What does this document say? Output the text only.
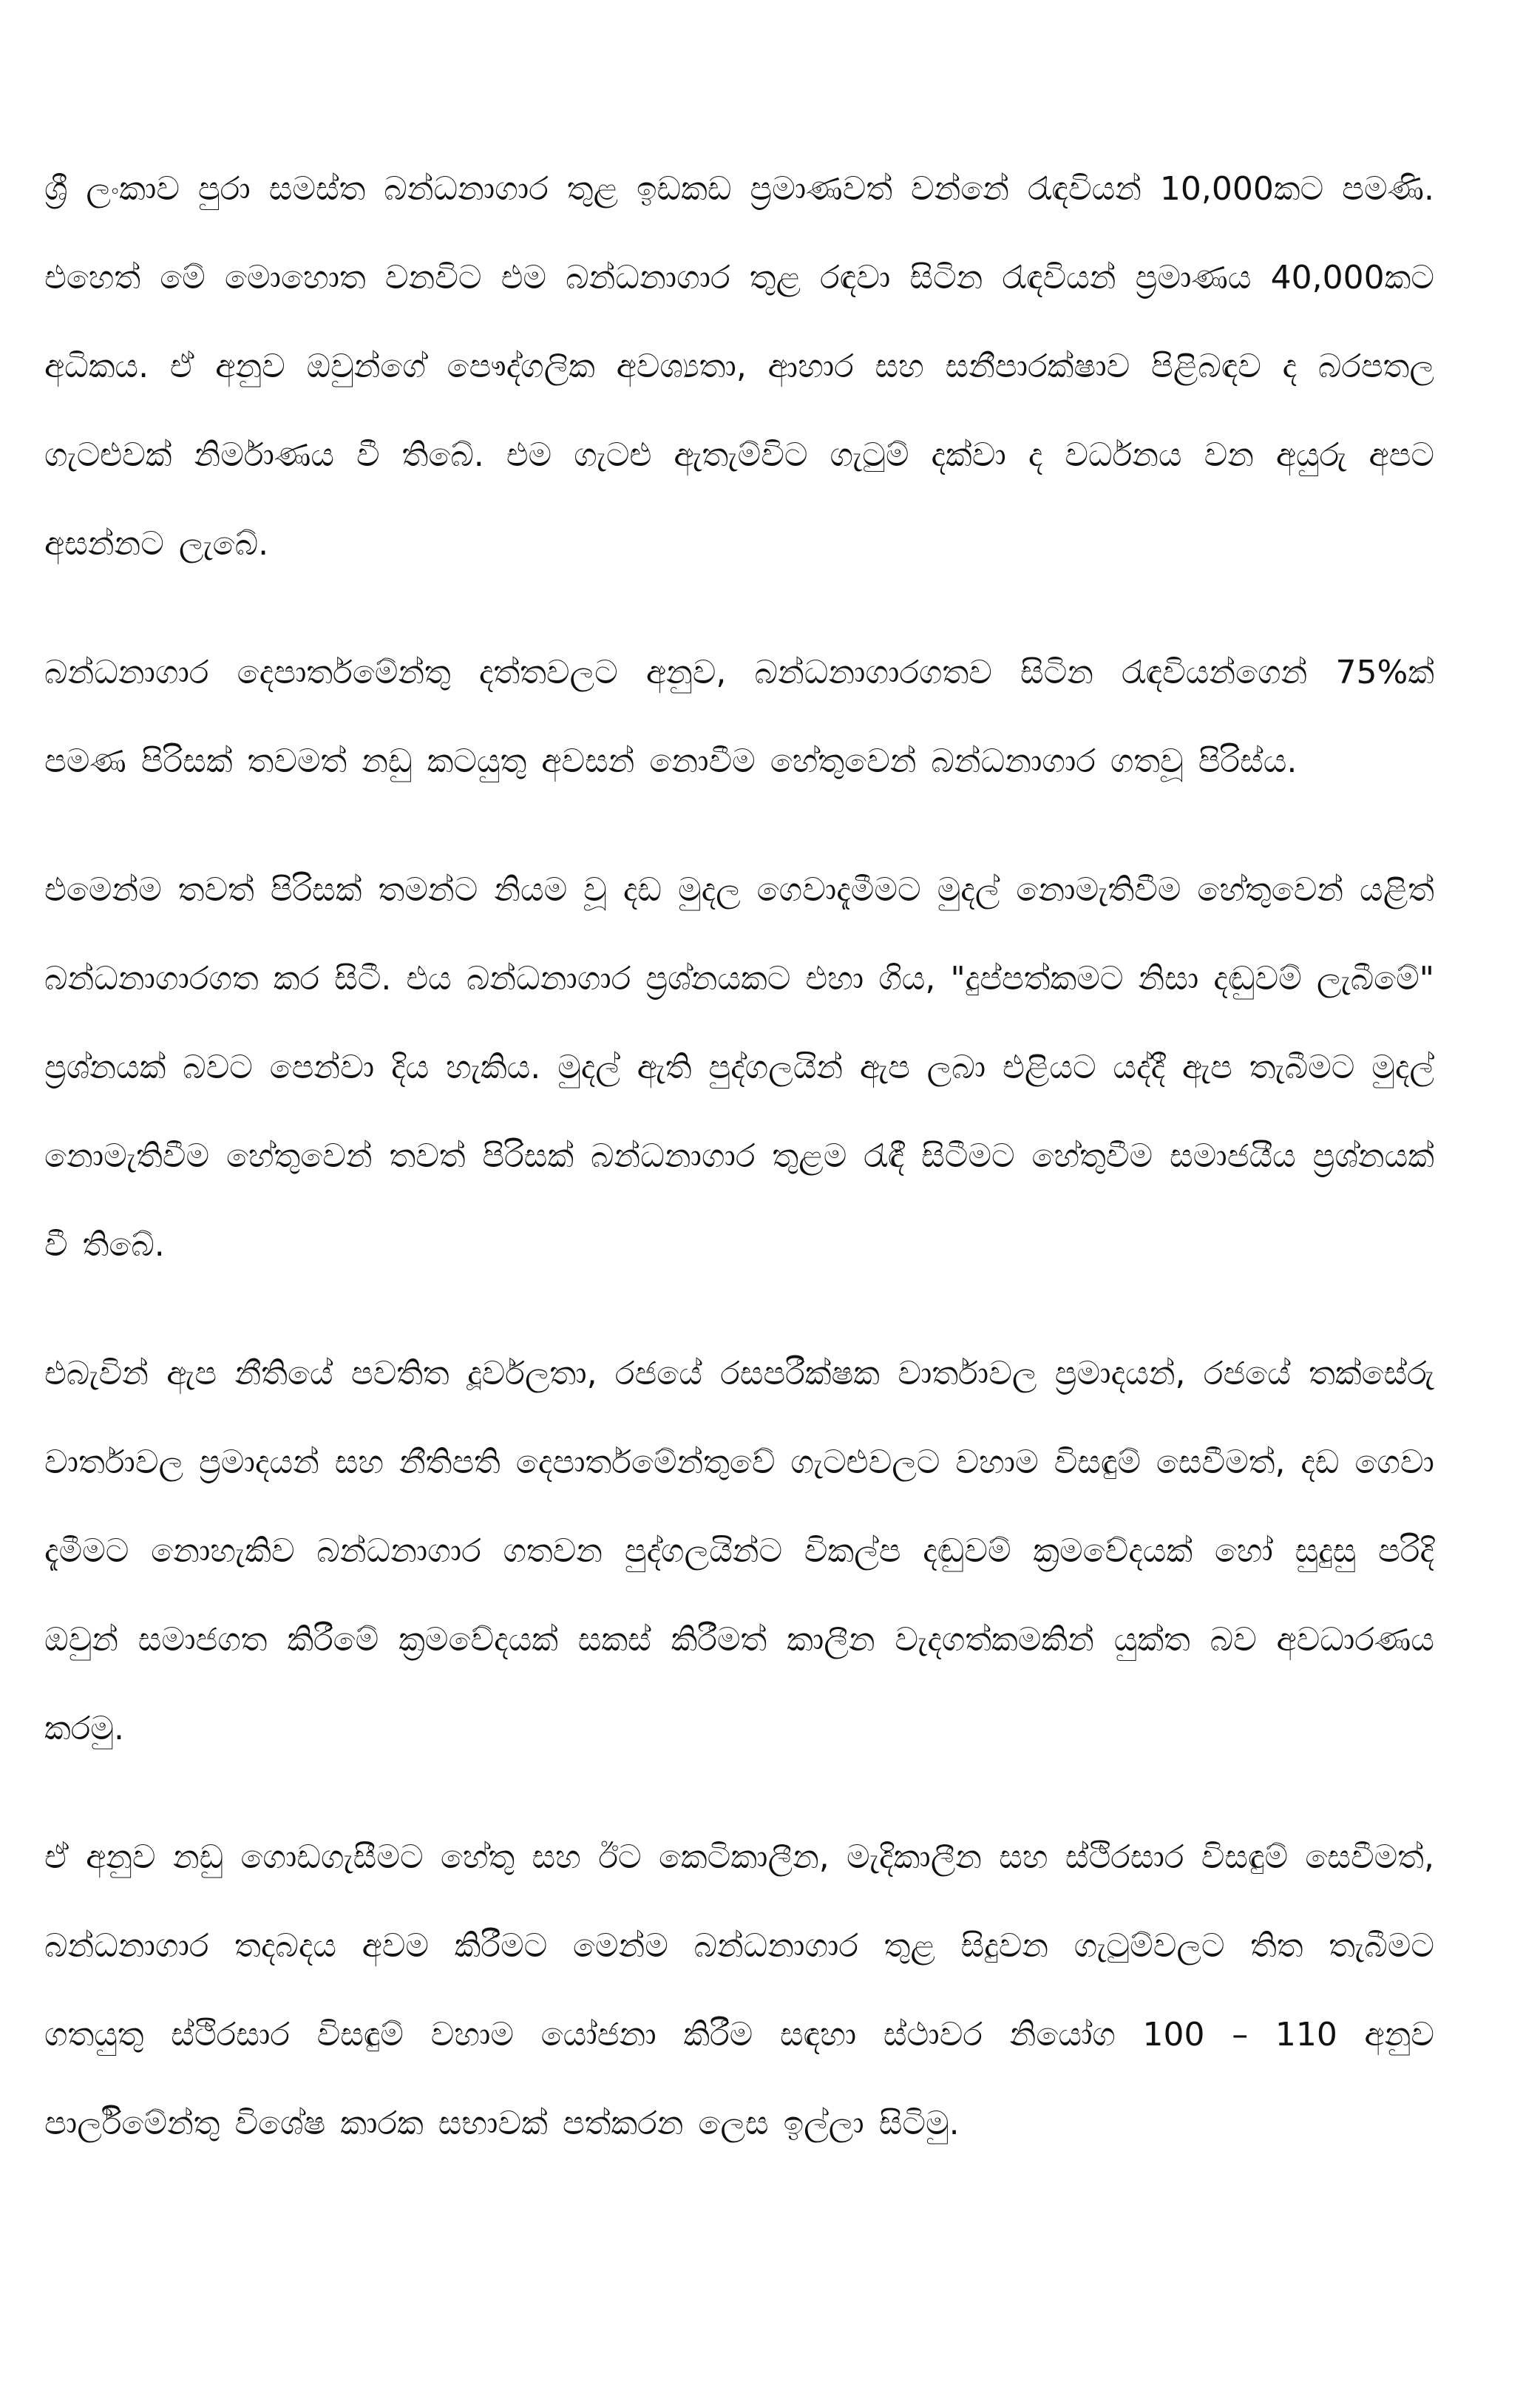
ශ්‍රී ලංකාව පුරා සමස්ත බන්ධනාගාර තුළ ඉඩකඩ ප්‍රමාණවත් වන්නේ රැඳවියන් 10,000කට පමණි. එහෙත් මේ මොහොත වනවිට එම බන්ධනාගාර තුළ රඳවා සිටින රැඳවියන් ප්‍රමාණය 40,000කට අධිකය. ඒ අනුව ඔවුන්ගේ පෞද්ගලික අවශ්‍යතා, ආහාර සහ සනීපාරක්ෂාව පිළිබඳව ද බරපතල ගැටළුවක් නිර්මාණය වී තිබේ. එම ගැටළු ඇතැම්විට ගැටුම් දක්වා ද වර්ධනය වන අයුරු අපට අසන්නට ලැබේ.

බන්ධනාගාර දෙපාර්තමේන්තු දත්තවලට අනුව, බන්ධනාගාරගතව සිටින රැඳවියන්ගෙන් 75%ක් පමණ පිරිසක් තවමත් නඩු කටයුතු අවසන් නොවීම හේතුවෙන් බන්ධනාගාර ගතවූ පිරිස්ය.

එමෙන්ම තවත් පිරිසක් තමන්ට නියම වූ දඩ මුදල ගෙවාදැමීමට මුදල් නොමැතිවීම හේතුවෙන් යළිත් බන්ධනාගාරගත කර සිටී. එය බන්ධනාගාර ප්‍රශ්නයකට එහා ගිය, "දුප්පත්කමට නිසා දඬුවම් ලැබීමේ" ප්‍රශ්නයක් බවට පෙන්වා දිය හැකිය. මුදල් ඇති පුද්ගලයින් ඇප ලබා එළියට යද්දී ඇප තැබීමට මුදල් නොමැතිවීම හේතුවෙන් තවත් පිරිසක් බන්ධනාගාර තුළම රැඳී සිටීමට හේතුවීම සමාජයීය ප්‍රශ්නයක් වී තිබේ.

එබැවින් ඇප නීතියේ පවතිත දූර්වලතා, රජයේ රසපරීක්ෂක වාර්තාවල ප්‍රමාදයන්, රජයේ තක්සේරු වාර්තාවල ප්‍රමාදයන් සහ නීතිපති දෙපාර්තමේන්තුවේ ගැටළුවලට වහාම විසඳුම් සෙවීමත්, දඩ ගෙවා දැමීමට නොහැකිව බන්ධනාගාර ගතවන පුද්ගලයින්ට විකල්ප දඬුවම් ක්‍රමවේදයක් හෝ සුදුසු පරිදි ඔවුන් සමාජගත කිරීමේ ක්‍රමවේදයක් සකස් කිරීමත් කාලීන වැදගත්කමකින් යුක්ත බව අවධාරණය කරමු.

ඒ අනුව නඩු ගොඩගැසීමට හේතු සහ ඊට කෙටිකාලීන, මැදිකාලීන සහ ස්ථිරසාර විසඳුම් සෙවීමත්, බන්ධනාගාර තදබදය අවම කිරීමට මෙන්ම බන්ධනාගාර තුළ සිදුවන ගැටුම්වලට තිත තැබීමට ගතයුතු ස්ථිරසාර විසඳුම් වහාම යෝජනා කිරීම සඳහා ස්ථාවර නියෝග 100 – 110 අනුව පාර්ලිමේන්තු විශේෂ කාරක සභාවක් පත්කරන ලෙස ඉල්ලා සිටිමු.
